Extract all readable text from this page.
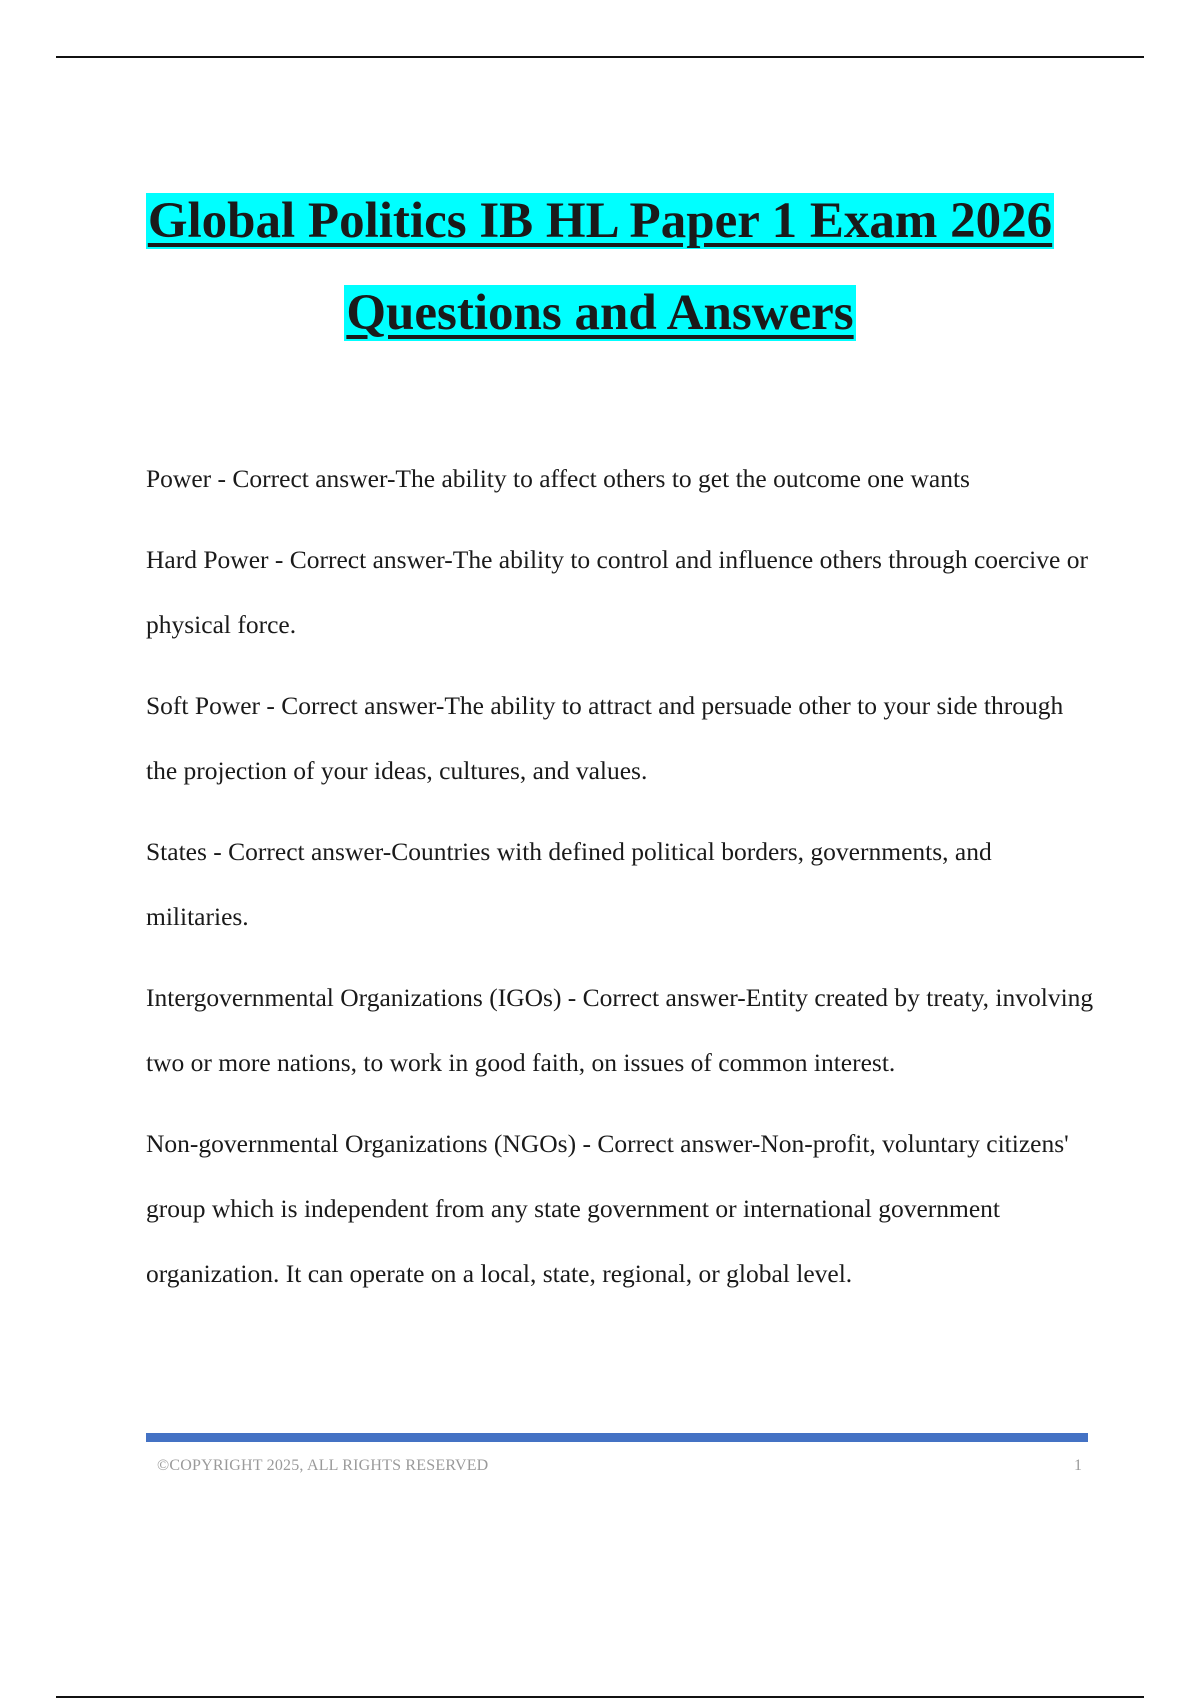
Global Politics IB HL Paper 1 Exam 2026
Questions and Answers

Power - Correct answer-The ability to affect others to get the outcome one wants

Hard Power - Correct answer-The ability to control and influence others through coercive or physical force.

Soft Power - Correct answer-The ability to attract and persuade other to your side through the projection of your ideas, cultures, and values.

States - Correct answer-Countries with defined political borders, governments, and militaries.

Intergovernmental Organizations (IGOs) - Correct answer-Entity created by treaty, involving two or more nations, to work in good faith, on issues of common interest.

Non-governmental Organizations (NGOs) - Correct answer-Non-profit, voluntary citizens' group which is independent from any state government or international government organization. It can operate on a local, state, regional, or global level.

©COPYRIGHT 2025, ALL RIGHTS RESERVED	1
